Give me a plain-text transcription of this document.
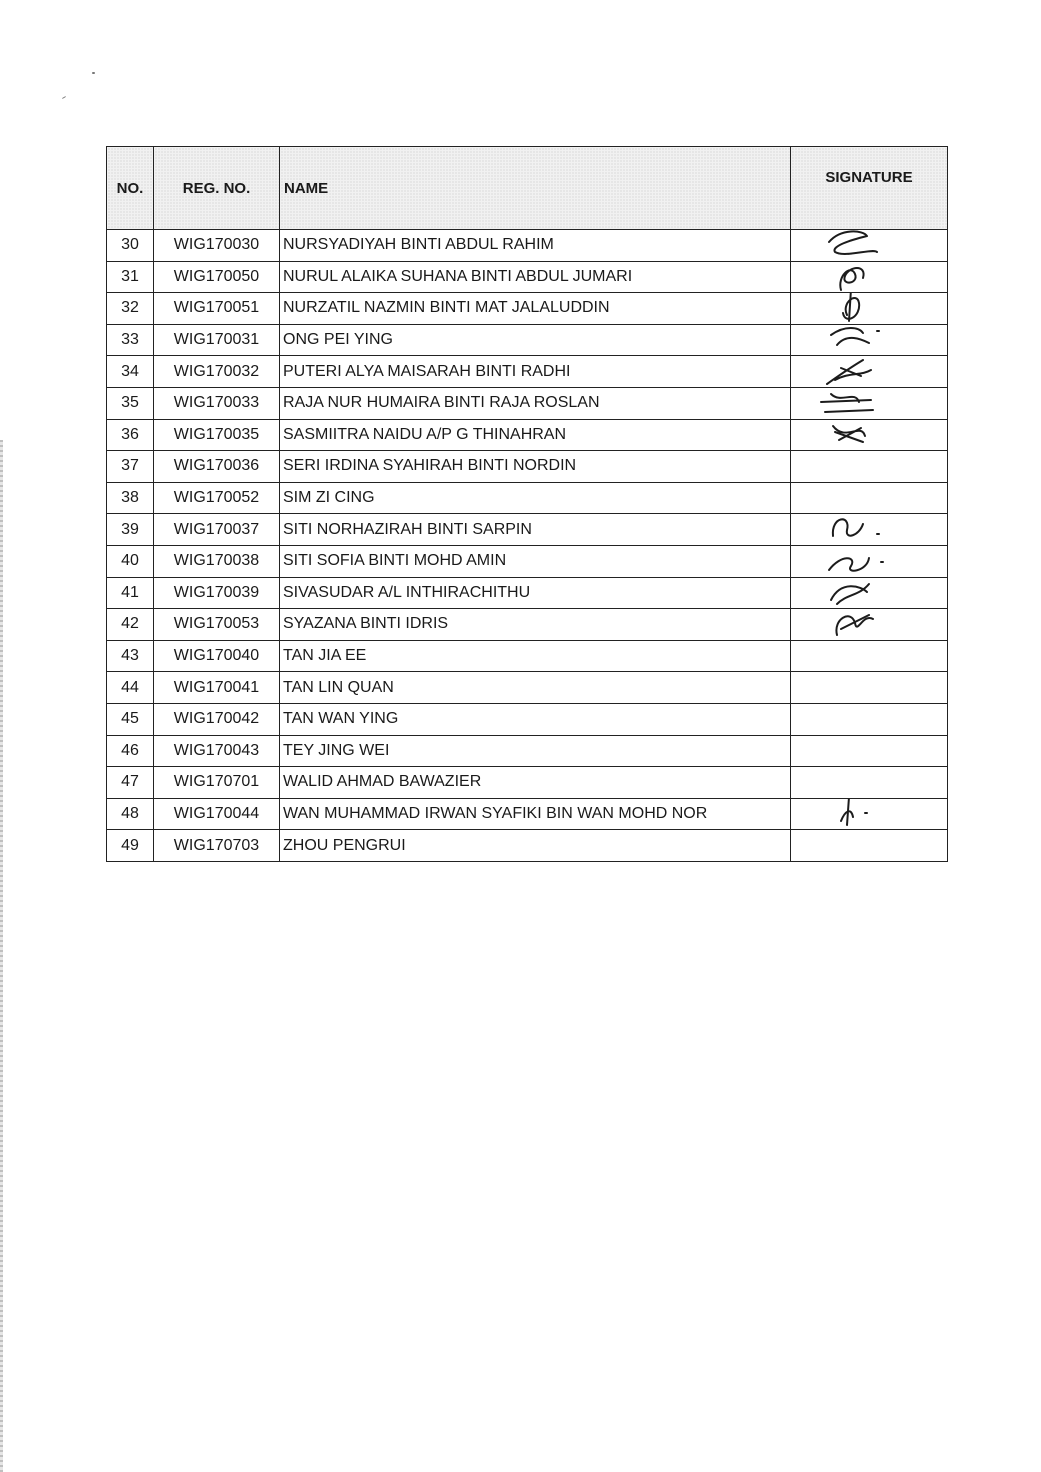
NO.	REG. NO.	NAME	SIGNATURE
30	WIG170030	NURSYADIYAH BINTI ABDUL RAHIM	

31	WIG170050	NURUL ALAIKA SUHANA BINTI ABDUL JUMARI	

32	WIG170051	NURZATIL NAZMIN BINTI MAT JALALUDDIN	

33	WIG170031	ONG PEI YING	

34	WIG170032	PUTERI ALYA MAISARAH BINTI RADHI	

35	WIG170033	RAJA NUR HUMAIRA BINTI RAJA ROSLAN	

36	WIG170035	SASMIITRA NAIDU A/P G THINAHRAN	

37	WIG170036	SERI IRDINA SYAHIRAH BINTI NORDIN	
38	WIG170052	SIM ZI CING	
39	WIG170037	SITI NORHAZIRAH BINTI SARPIN	

40	WIG170038	SITI SOFIA BINTI MOHD AMIN	

41	WIG170039	SIVASUDAR A/L INTHIRACHITHU	

42	WIG170053	SYAZANA BINTI IDRIS	

43	WIG170040	TAN JIA EE	
44	WIG170041	TAN LIN QUAN	
45	WIG170042	TAN WAN YING	
46	WIG170043	TEY JING WEI	
47	WIG170701	WALID AHMAD BAWAZIER	
48	WIG170044	WAN MUHAMMAD IRWAN SYAFIKI BIN WAN MOHD NOR	

49	WIG170703	ZHOU PENGRUI	
